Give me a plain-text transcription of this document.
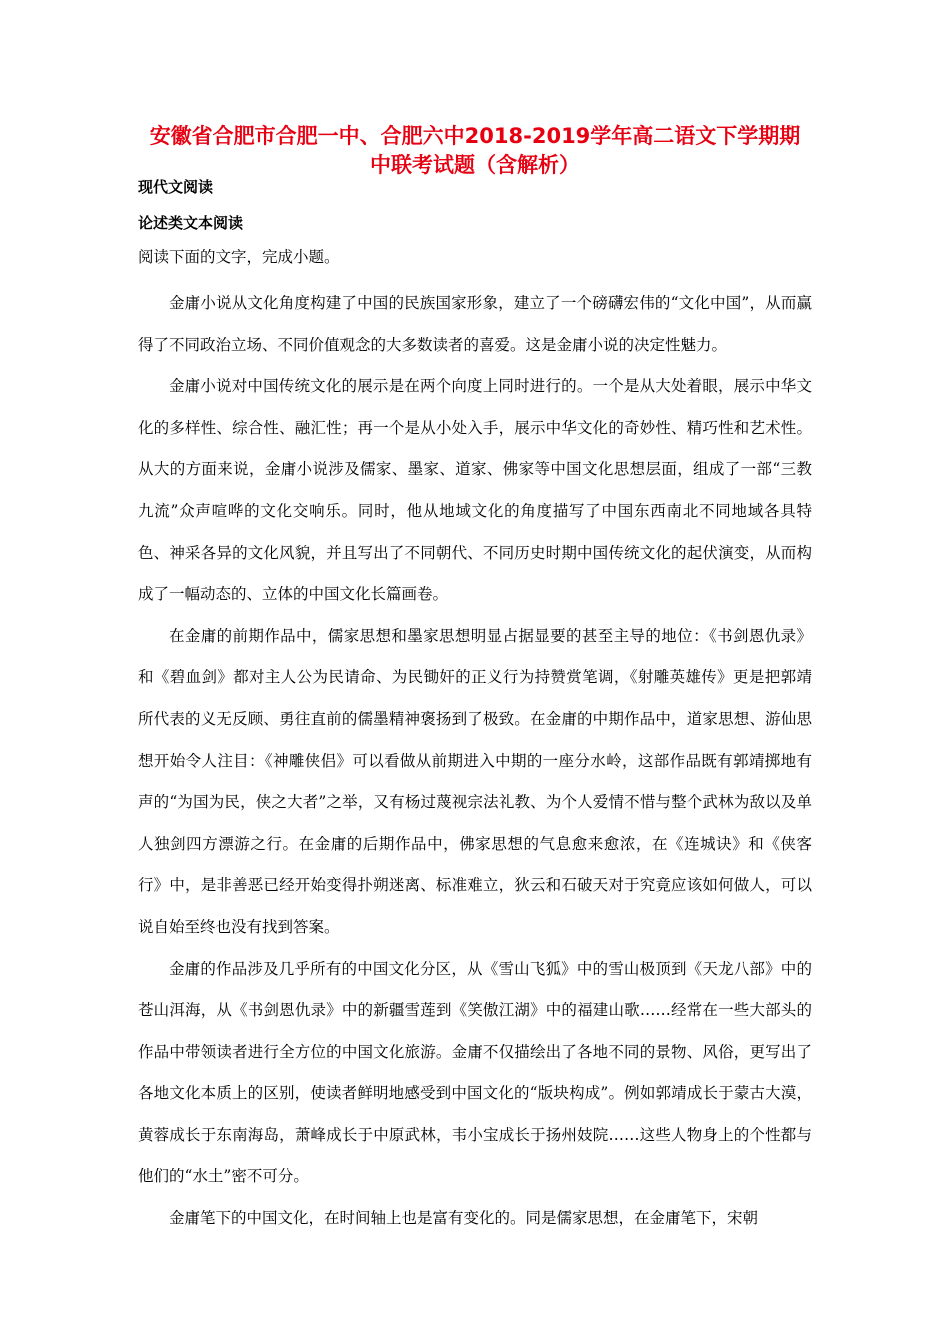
安徽省合肥市合肥一中、合肥六中2018-2019学年高二语文下学期期
中联考试题（含解析）

现代文阅读

论述类文本阅读

阅读下面的文字，完成小题。

金庸小说从文化角度构建了中国的民族国家形象，建立了一个磅礴宏伟的“文化中国”，从而赢得了不同政治立场、不同价值观念的大多数读者的喜爱。这是金庸小说的决定性魅力。

金庸小说对中国传统文化的展示是在两个向度上同时进行的。一个是从大处着眼，展示中华文化的多样性、综合性、融汇性；再一个是从小处入手，展示中华文化的奇妙性、精巧性和艺术性。从大的方面来说，金庸小说涉及儒家、墨家、道家、佛家等中国文化思想层面，组成了一部“三教九流”众声喧哗的文化交响乐。同时，他从地域文化的角度描写了中国东西南北不同地域各具特色、神采各异的文化风貌，并且写出了不同朝代、不同历史时期中国传统文化的起伏演变，从而构成了一幅动态的、立体的中国文化长篇画卷。

在金庸的前期作品中，儒家思想和墨家思想明显占据显要的甚至主导的地位：《书剑恩仇录》和《碧血剑》都对主人公为民请命、为民锄奸的正义行为持赞赏笔调，《射雕英雄传》更是把郭靖所代表的义无反顾、勇往直前的儒墨精神褒扬到了极致。在金庸的中期作品中，道家思想、游仙思想开始令人注目：《神雕侠侣》可以看做从前期进入中期的一座分水岭，这部作品既有郭靖掷地有声的“为国为民，侠之大者”之举，又有杨过蔑视宗法礼教、为个人爱情不惜与整个武林为敌以及单人独剑四方漂游之行。在金庸的后期作品中，佛家思想的气息愈来愈浓，在《连城诀》和《侠客行》中，是非善恶已经开始变得扑朔迷离、标准难立，狄云和石破天对于究竟应该如何做人，可以说自始至终也没有找到答案。

金庸的作品涉及几乎所有的中国文化分区，从《雪山飞狐》中的雪山极顶到《天龙八部》中的苍山洱海，从《书剑恩仇录》中的新疆雪莲到《笑傲江湖》中的福建山歌……经常在一些大部头的作品中带领读者进行全方位的中国文化旅游。金庸不仅描绘出了各地不同的景物、风俗，更写出了各地文化本质上的区别，使读者鲜明地感受到中国文化的“版块构成”。例如郭靖成长于蒙古大漠，黄蓉成长于东南海岛，萧峰成长于中原武林，韦小宝成长于扬州妓院……这些人物身上的个性都与他们的“水土”密不可分。

金庸笔下的中国文化，在时间轴上也是富有变化的。同是儒家思想，在金庸笔下，宋朝
